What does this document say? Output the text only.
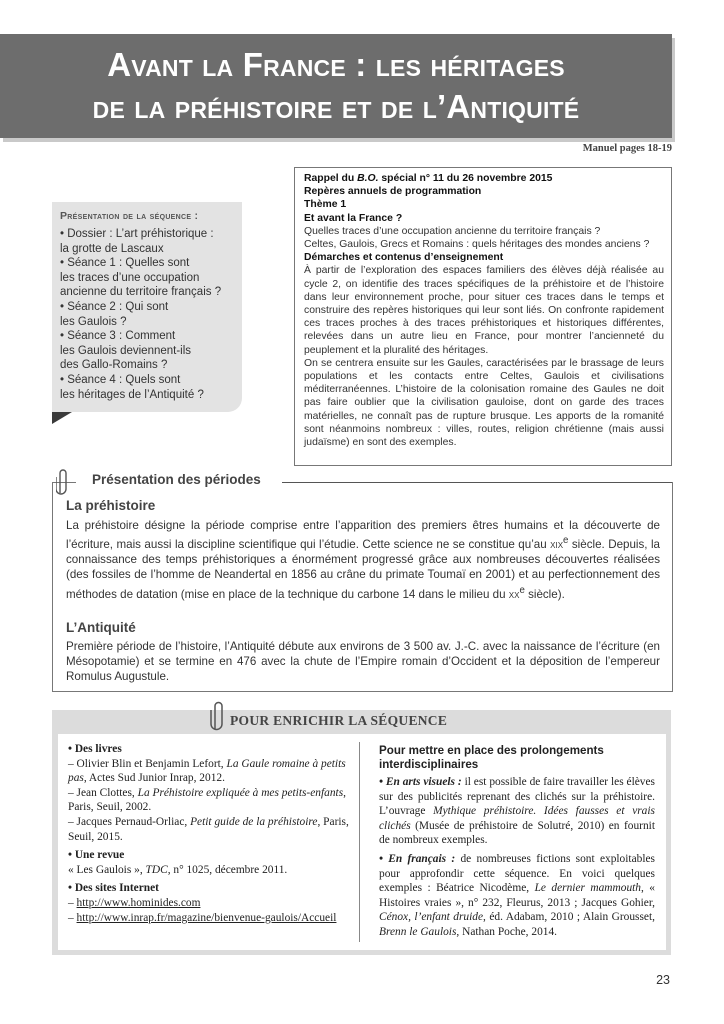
Avant la France : les héritages
de la préhistoire et de l’Antiquité
Manuel pages 18-19
Présentation de la séquence :
• Dossier : L’art préhistorique :
la grotte de Lascaux
• Séance 1 : Quelles sont
les traces d’une occupation
ancienne du territoire français ?
• Séance 2 : Qui sont
les Gaulois ?
• Séance 3 : Comment
les Gaulois deviennent-ils
des Gallo-Romains ?
• Séance 4 : Quels sont
les héritages de l’Antiquité ?
Rappel du B.O. spécial n° 11 du 26 novembre 2015
Repères annuels de programmation
Thème 1
Et avant la France ?
Quelles traces d’une occupation ancienne du territoire français ?
Celtes, Gaulois, Grecs et Romains : quels héritages des mondes anciens ?
Démarches et contenus d’enseignement
À partir de l’exploration des espaces familiers des élèves déjà réalisée au cycle 2, on identifie des traces spécifiques de la préhistoire et de l’histoire dans leur environnement proche, pour situer ces traces dans le temps et construire des repères historiques qui leur sont liés. On confronte rapidement ces traces proches à des traces préhistoriques et historiques différentes, relevées dans un autre lieu en France, pour montrer l’ancienneté du peuplement et la pluralité des héritages.
On se centrera ensuite sur les Gaules, caractérisées par le brassage de leurs populations et les contacts entre Celtes, Gaulois et civilisations méditerranéennes. L’histoire de la colonisation romaine des Gaules ne doit pas faire oublier que la civilisation gauloise, dont on garde des traces matérielles, ne connaît pas de rupture brusque. Les apports de la romanité sont néanmoins nombreux : villes, routes, religion chrétienne (mais aussi judaïsme) en sont des exemples.
Présentation des périodes
La préhistoire
La préhistoire désigne la période comprise entre l’apparition des premiers êtres humains et la découverte de l’écriture, mais aussi la discipline scientifique qui l’étudie. Cette science ne se constitue qu’au xix$^e$ siècle. Depuis, la connaissance des temps préhistoriques a énormément progressé grâce aux nombreuses découvertes réalisées (des fossiles de l’homme de Neandertal en 1856 au crâne du primate Toumaï en 2001) et au perfectionnement des méthodes de datation (mise en place de la technique du carbone 14 dans le milieu du $xx^e$ siècle).
L’Antiquité
Première période de l’histoire, l’Antiquité débute aux environs de 3 500 av. J.-C. avec la naissance de l’écriture (en Mésopotamie) et se termine en 476 avec la chute de l’Empire romain d’Occident et la déposition de l’empereur Romulus Augustule.
POUR ENRICHIR LA SÉQUENCE
• Des livres
– Olivier Blin et Benjamin Lefort, La Gaule romaine à petits pas, Actes Sud Junior Inrap, 2012.
– Jean Clottes, La Préhistoire expliquée à mes petits-enfants, Paris, Seuil, 2002.
– Jacques Pernaud-Orliac, Petit guide de la préhistoire, Paris, Seuil, 2015.
• Une revue
« Les Gaulois », TDC, n° 1025, décembre 2011.
• Des sites Internet
– http://www.hominides.com
– http://www.inrap.fr/magazine/bienvenue-gaulois/Accueil
Pour mettre en place des prolongements interdisciplinaires
• En arts visuels : il est possible de faire travailler les élèves sur des publicités reprenant des clichés sur la préhistoire. L’ouvrage Mythique préhistoire. Idées fausses et vrais clichés (Musée de préhistoire de Solutré, 2010) en fournit de nombreux exemples.
• En français : de nombreuses fictions sont exploitables pour approfondir cette séquence. En voici quelques exemples : Béatrice Nicodème, Le dernier mammouth, « Histoires vraies », n° 232, Fleurus, 2013 ; Jacques Gohier, Cénox, l’enfant druide, éd. Adabam, 2010 ; Alain Grousset, Brenn le Gaulois, Nathan Poche, 2014.
23
